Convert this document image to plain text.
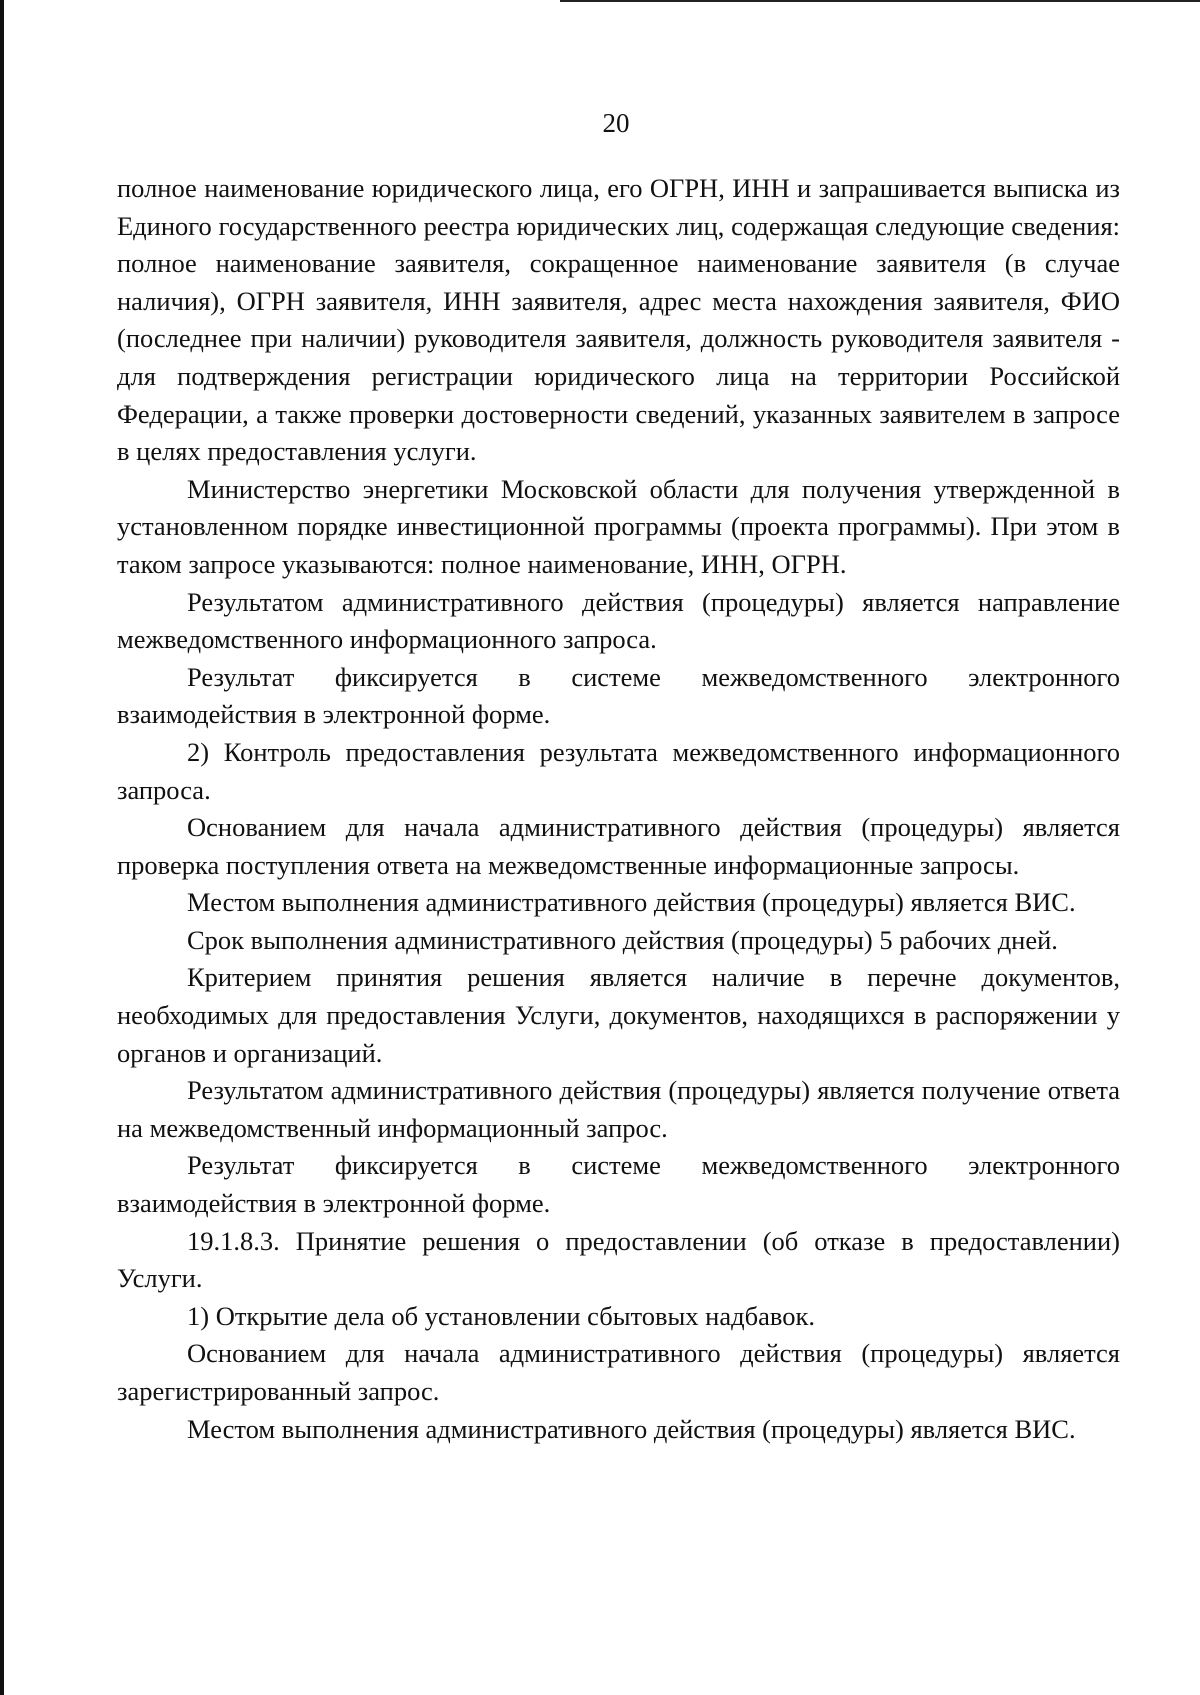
20

полное наименование юридического лица, его ОГРН, ИНН и запрашивается выписка из Единого государственного реестра юридических лиц, содержащая следующие сведения: полное наименование заявителя, сокращенное наименование заявителя (в случае наличия), ОГРН заявителя, ИНН заявителя, адрес места нахождения заявителя, ФИО (последнее при наличии) руководителя заявителя, должность руководителя заявителя - для подтверждения регистрации юридического лица на территории Российской Федерации, а также проверки достоверности сведений, указанных заявителем в запросе в целях предоставления услуги.

Министерство энергетики Московской области для получения утвержденной в установленном порядке инвестиционной программы (проекта программы). При этом в таком запросе указываются: полное наименование, ИНН, ОГРН.

Результатом административного действия (процедуры) является направление межведомственного информационного запроса.

Результат фиксируется в системе межведомственного электронного взаимодействия в электронной форме.

2) Контроль предоставления результата межведомственного информационного запроса.

Основанием для начала административного действия (процедуры) является проверка поступления ответа на межведомственные информационные запросы.

Местом выполнения административного действия (процедуры) является ВИС.

Срок выполнения административного действия (процедуры) 5 рабочих дней.

Критерием принятия решения является наличие в перечне документов, необходимых для предоставления Услуги, документов, находящихся в распоряжении у органов и организаций.

Результатом административного действия (процедуры) является получение ответа на межведомственный информационный запрос.

Результат фиксируется в системе межведомственного электронного взаимодействия в электронной форме.

19.1.8.3. Принятие решения о предоставлении (об отказе в предоставлении) Услуги.

1) Открытие дела об установлении сбытовых надбавок.

Основанием для начала административного действия (процедуры) является зарегистрированный запрос.

Местом выполнения административного действия (процедуры) является ВИС.
